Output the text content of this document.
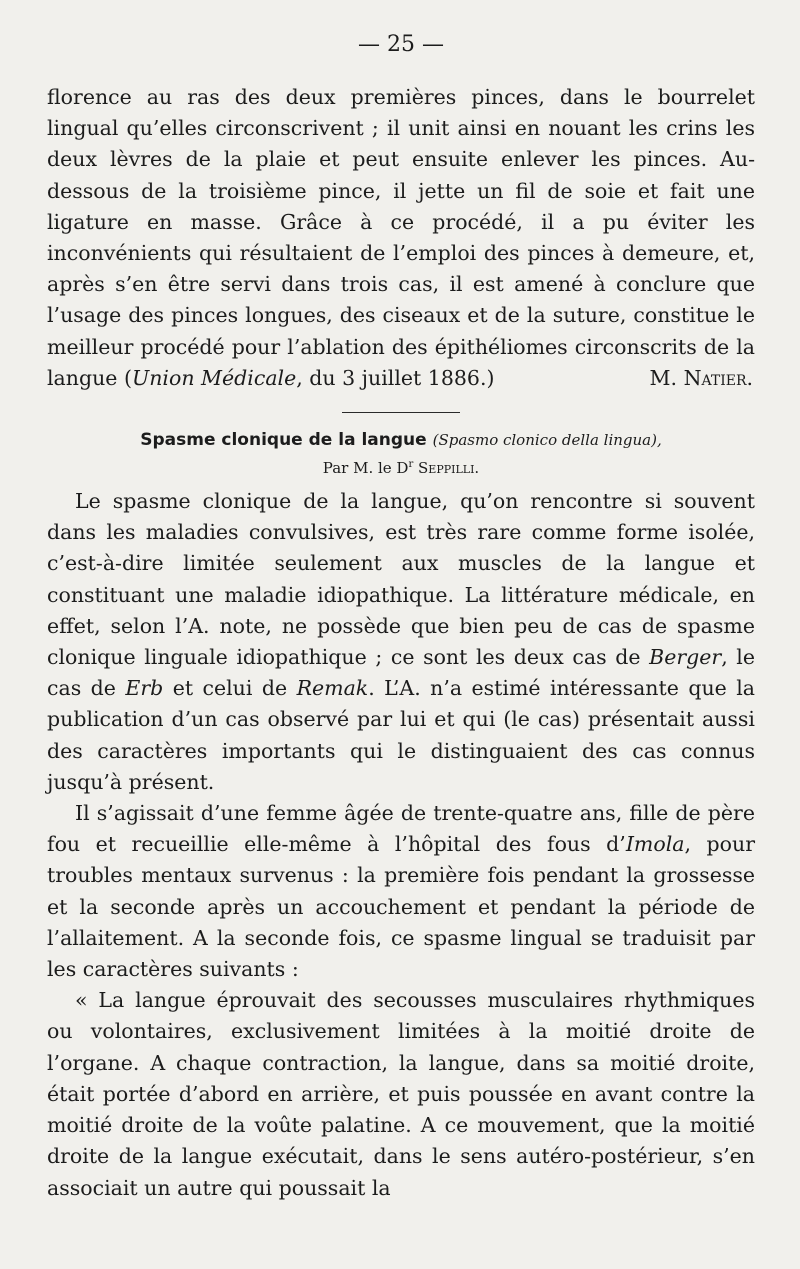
— 25 —

florence au ras des deux premières pinces, dans le bourrelet lingual qu’elles circonscrivent ; il unit ainsi en nouant les crins les deux lèvres de la plaie et peut ensuite enlever les pinces. Au-dessous de la troisième pince, il jette un fil de soie et fait une ligature en masse. Grâce à ce procédé, il a pu éviter les inconvénients qui résultaient de l’emploi des pinces à demeure, et, après s’en être servi dans trois cas, il est amené à conclure que l’usage des pinces longues, des ciseaux et de la suture, constitue le meilleur procédé pour l’ablation des épithéliomes circonscrits de la langue (Union Médicale, du 3 juillet 1886.)	M. Natier.

Spasme clonique de la langue (Spasmo clonico della lingua),
Par M. le $D^r$ Seppilli.

Le spasme clonique de la langue, qu’on rencontre si souvent dans les maladies convulsives, est très rare comme forme isolée, c’est-à-dire limitée seulement aux muscles de la langue et constituant une maladie idiopathique. La littérature médicale, en effet, selon l’A. note, ne possède que bien peu de cas de spasme clonique linguale idiopathique ; ce sont les deux cas de Berger, le cas de Erb et celui de Remak. L’A. n’a estimé intéressante que la publication d’un cas observé par lui et qui (le cas) présentait aussi des caractères importants qui le distinguaient des cas connus jusqu’à présent.

Il s’agissait d’une femme âgée de trente-quatre ans, fille de père fou et recueillie elle-même à l’hôpital des fous d’Imola, pour troubles mentaux survenus : la première fois pendant la grossesse et la seconde après un accouchement et pendant la période de l’allaitement. A la seconde fois, ce spasme lingual se traduisit par les caractères suivants :

« La langue éprouvait des secousses musculaires rhythmiques ou volontaires, exclusivement limitées à la moitié droite de l’organe. A chaque contraction, la langue, dans sa moitié droite, était portée d’abord en arrière, et puis poussée en avant contre la moitié droite de la voûte palatine. A ce mouvement, que la moitié droite de la langue exécutait, dans le sens autéro-postérieur, s’en associait un autre qui poussait la
